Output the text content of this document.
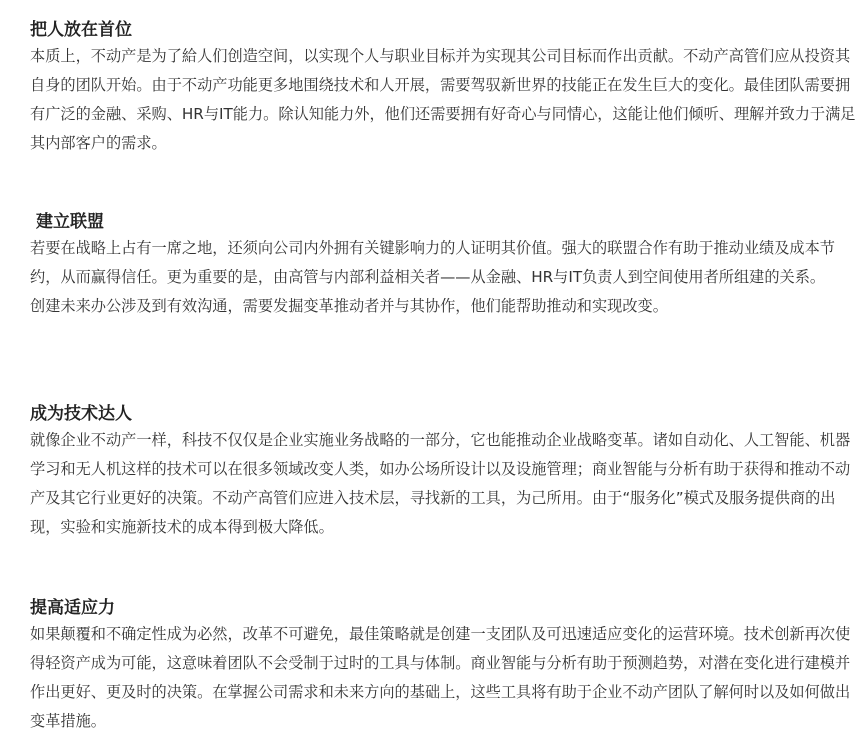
把人放在首位

本质上，不动产是为了給人们创造空间，以实现个人与职业目标并为实现其公司目标而作出贡献。不动产高管们应从投资其自身的团队开始。由于不动产功能更多地围绕技术和人开展，需要驾驭新世界的技能正在发生巨大的变化。最佳团队需要拥有广泛的金融、采购、HR与IT能力。除认知能力外，他们还需要拥有好奇心与同情心，这能让他们倾听、理解并致力于满足其内部客户的需求。

建立联盟

若要在战略上占有一席之地，还须向公司内外拥有关键影响力的人证明其价值。强大的联盟合作有助于推动业绩及成本节约，从而赢得信任。更为重要的是，由高管与内部利益相关者——从金融、HR与IT负责人到空间使用者所组建的关系。

创建未来办公涉及到有效沟通，需要发掘变革推动者并与其协作，他们能帮助推动和实现改变。

成为技术达人

就像企业不动产一样，科技不仅仅是企业实施业务战略的一部分，它也能推动企业战略变革。诸如自动化、人工智能、机器学习和无人机这样的技术可以在很多领域改变人类，如办公场所设计以及设施管理；商业智能与分析有助于获得和推动不动产及其它行业更好的决策。不动产高管们应进入技术层，寻找新的工具，为己所用。由于“服务化”模式及服务提供商的出现，实验和实施新技术的成本得到极大降低。

提高适应力

如果颠覆和不确定性成为必然，改革不可避免，最佳策略就是创建一支团队及可迅速适应变化的运营环境。技术创新再次使得轻资产成为可能，这意味着团队不会受制于过时的工具与体制。商业智能与分析有助于预测趋势，对潜在变化进行建模并作出更好、更及时的决策。在掌握公司需求和未来方向的基础上，这些工具将有助于企业不动产团队了解何时以及如何做出变革措施。
